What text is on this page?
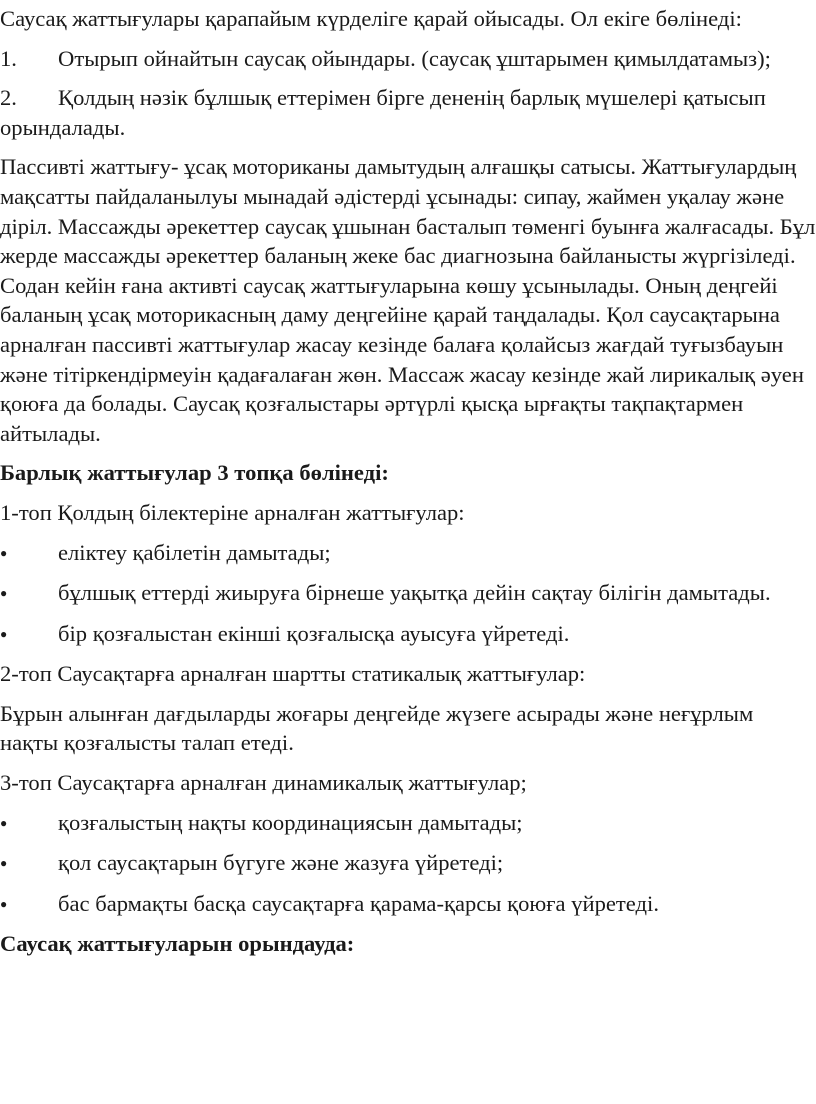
Саусақ жаттығулары қарапайым күрделіге қарай ойысады. Ол екіге бөлінеді:

1. Отырып ойнайтын саусақ ойындары. (саусақ ұштарымен қимылдатамыз);

2. Қолдың нәзік бұлшық еттерімен бірге дененің барлық мүшелері қатысып орындалады.

Пассивті жаттығу- ұсақ моториканы дамытудың алғашқы сатысы. Жаттығулардың мақсатты пайдаланылуы мынадай әдістерді ұсынады: сипау, жаймен уқалау және діріл. Массажды әрекеттер саусақ ұшынан басталып төменгі буынға жалғасады. Бұл жерде массажды әрекеттер баланың жеке бас диагнозына байланысты жүргізіледі. Содан кейін ғана активті саусақ жаттығуларына көшу ұсынылады. Оның деңгейі баланың ұсақ моторикасның даму деңгейіне қарай таңдалады. Қол саусақтарына арналған пассивті жаттығулар жасау кезінде балаға қолайсыз жағдай туғызбауын және тітіркендірмеуін қадағалаған жөн. Массаж жасау кезінде жай лирикалық әуен қоюға да болады. Саусақ қозғалыстары әртүрлі қысқа ырғақты тақпақтармен айтылады.

Барлық жаттығулар 3 топқа бөлінеді:

1-топ Қолдың білектеріне арналған жаттығулар:

● еліктеу қабілетін дамытады;

● бұлшық еттерді жиыруға бірнеше уақытқа дейін сақтау білігін дамытады.

● бір қозғалыстан екінші қозғалысқа ауысуға үйретеді.

2-топ Саусақтарға арналған шартты статикалық жаттығулар:

Бұрын алынған дағдыларды жоғары деңгейде жүзеге асырады және неғұрлым нақты қозғалысты талап етеді.

3-топ Саусақтарға арналған динамикалық жаттығулар;

● қозғалыстың нақты координациясын дамытады;

● қол саусақтарын бүгуге және жазуға үйретеді;

● бас бармақты басқа саусақтарға қарама-қарсы қоюға үйретеді.

Саусақ жаттығуларын орындауда:
